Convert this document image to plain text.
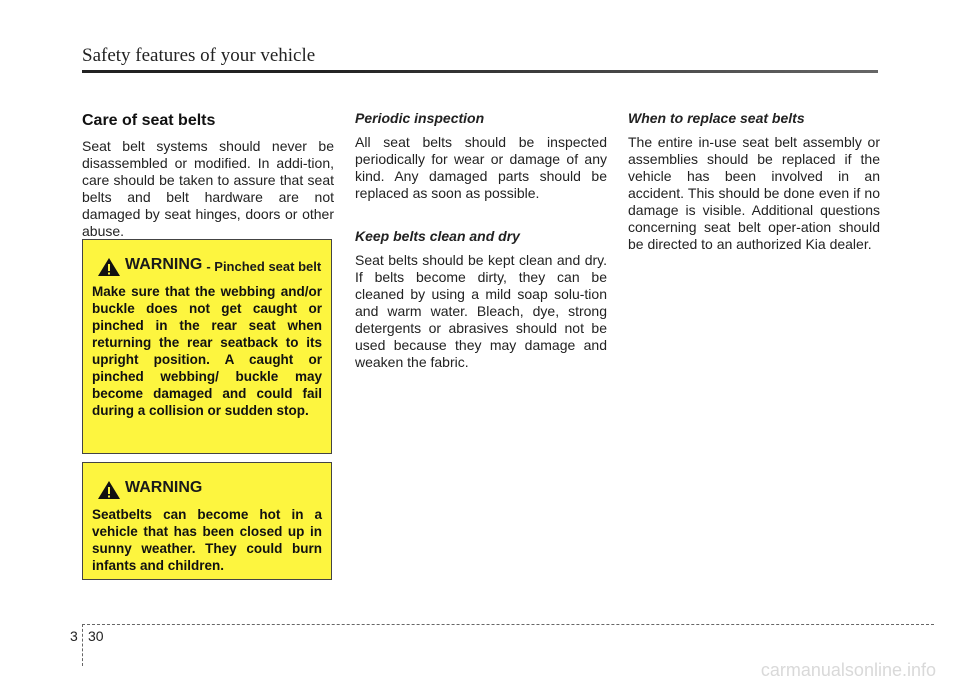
Safety features of your vehicle
Care of seat belts

Seat belt systems should never be disassembled or modified. In addi-tion, care should be taken to assure that seat belts and belt hardware are not damaged by seat hinges, doors or other abuse.

WARNING - Pinched seat belt
Make sure that the webbing and/or buckle does not get caught or pinched in the rear seat when returning the rear seatback to its upright position. A caught or pinched webbing/ buckle may become damaged and could fail during a collision or sudden stop.
WARNING
Seatbelts can become hot in a vehicle that has been closed up in sunny weather. They could burn infants and children.
Periodic inspection

All seat belts should be inspected periodically for wear or damage of any kind. Any damaged parts should be replaced as soon as possible.

Keep belts clean and dry

Seat belts should be kept clean and dry. If belts become dirty, they can be cleaned by using a mild soap solu-tion and warm water. Bleach, dye, strong detergents or abrasives should not be used because they may damage and weaken the fabric.

When to replace seat belts

The entire in-use seat belt assembly or assemblies should be replaced if the vehicle has been involved in an accident. This should be done even if no damage is visible. Additional questions concerning seat belt oper-ation should be directed to an authorized Kia dealer.

3 30
carmanualsonline.info
